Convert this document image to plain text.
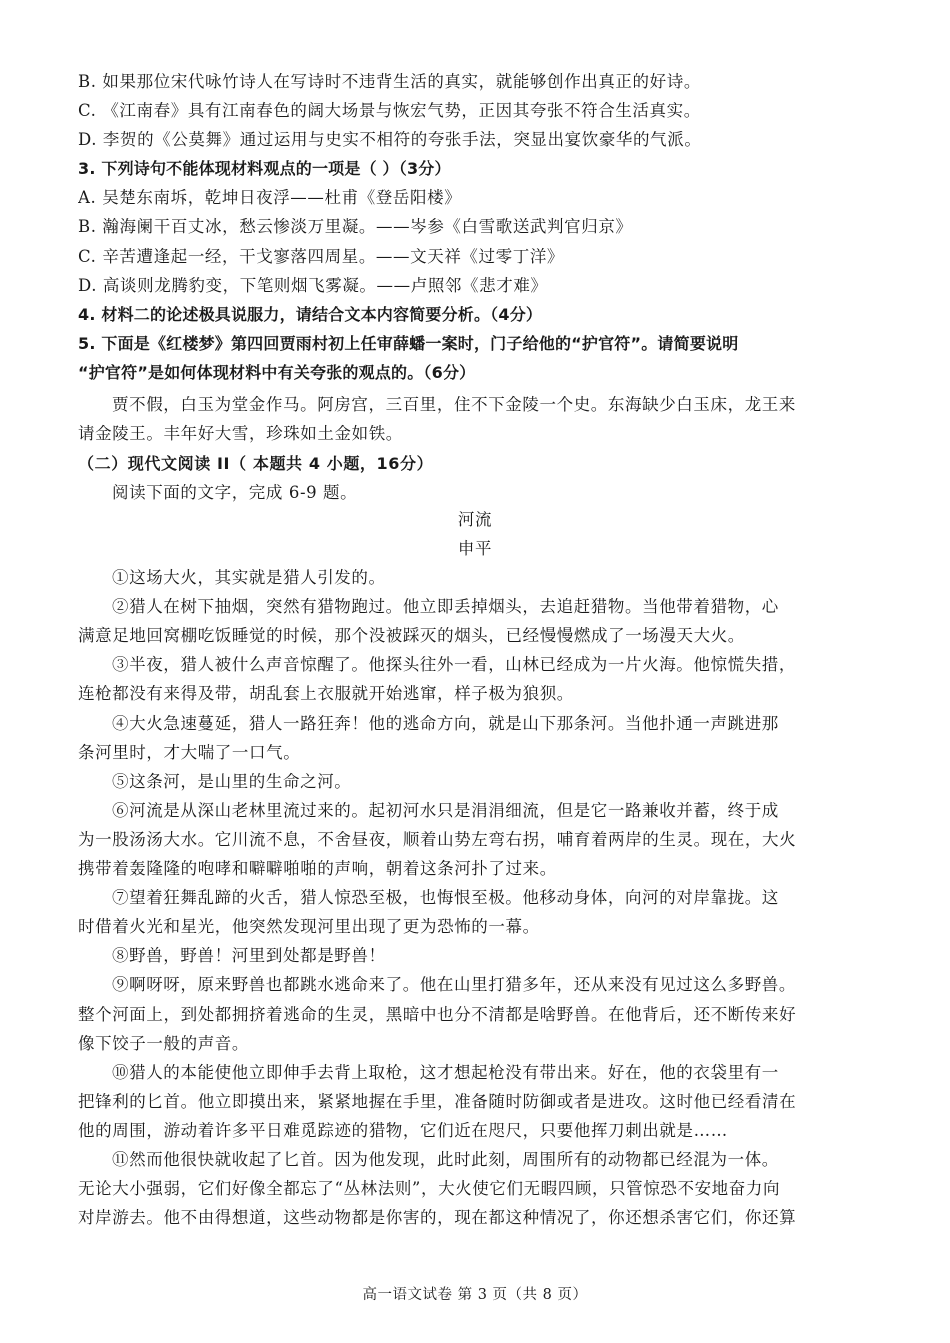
B. 如果那位宋代咏竹诗人在写诗时不违背生活的真实，就能够创作出真正的好诗。
C. 《江南春》具有江南春色的阔大场景与恢宏气势，正因其夸张不符合生活真实。
D. 李贺的《公莫舞》通过运用与史实不相符的夸张手法，突显出宴饮豪华的气派。
3. 下列诗句不能体现材料观点的一项是（ ）（3分）
A. 吴楚东南坼，乾坤日夜浮——杜甫《登岳阳楼》
B. 瀚海阑干百丈冰，愁云惨淡万里凝。——岑参《白雪歌送武判官归京》
C. 辛苦遭逢起一经，干戈寥落四周星。——文天祥《过零丁洋》
D. 高谈则龙腾豹变，下笔则烟飞雾凝。——卢照邻《悲才难》
4. 材料二的论述极具说服力，请结合文本内容简要分析。（4分）
5. 下面是《红楼梦》第四回贾雨村初上任审薛蟠一案时，门子给他的“护官符”。请简要说明
“护官符”是如何体现材料中有关夸张的观点的。（6分）
贾不假，白玉为堂金作马。阿房宫，三百里，住不下金陵一个史。东海缺少白玉床，龙王来
请金陵王。丰年好大雪，珍珠如土金如铁。
（二）现代文阅读 II（ 本题共 4 小题，16分）
阅读下面的文字，完成 6-9 题。
河流
申平
①这场大火，其实就是猎人引发的。
②猎人在树下抽烟，突然有猎物跑过。他立即丢掉烟头，去追赶猎物。当他带着猎物，心
满意足地回窝棚吃饭睡觉的时候，那个没被踩灭的烟头，已经慢慢燃成了一场漫天大火。
③半夜，猎人被什么声音惊醒了。他探头往外一看，山林已经成为一片火海。他惊慌失措，
连枪都没有来得及带，胡乱套上衣服就开始逃窜，样子极为狼狈。
④大火急速蔓延，猎人一路狂奔！他的逃命方向，就是山下那条河。当他扑通一声跳进那
条河里时，才大喘了一口气。
⑤这条河，是山里的生命之河。
⑥河流是从深山老林里流过来的。起初河水只是涓涓细流，但是它一路兼收并蓄，终于成
为一股汤汤大水。它川流不息，不舍昼夜，顺着山势左弯右拐，哺育着两岸的生灵。现在，大火
携带着轰隆隆的咆哮和噼噼啪啪的声响，朝着这条河扑了过来。
⑦望着狂舞乱蹄的火舌，猎人惊恐至极，也悔恨至极。他移动身体，向河的对岸靠拢。这
时借着火光和星光，他突然发现河里出现了更为恐怖的一幕。
⑧野兽，野兽！河里到处都是野兽！
⑨啊呀呀，原来野兽也都跳水逃命来了。他在山里打猎多年，还从来没有见过这么多野兽。
整个河面上，到处都拥挤着逃命的生灵，黑暗中也分不清都是啥野兽。在他背后，还不断传来好
像下饺子一般的声音。
⑩猎人的本能使他立即伸手去背上取枪，这才想起枪没有带出来。好在，他的衣袋里有一
把锋利的匕首。他立即摸出来，紧紧地握在手里，准备随时防御或者是进攻。这时他已经看清在
他的周围，游动着许多平日难觅踪迹的猎物，它们近在咫尺，只要他挥刀刺出就是……
⑪然而他很快就收起了匕首。因为他发现，此时此刻，周围所有的动物都已经混为一体。
无论大小强弱，它们好像全都忘了“丛林法则”，大火使它们无暇四顾，只管惊恐不安地奋力向
对岸游去。他不由得想道，这些动物都是你害的，现在都这种情况了，你还想杀害它们，你还算
高一语文试卷 第 3 页（共 8 页）
